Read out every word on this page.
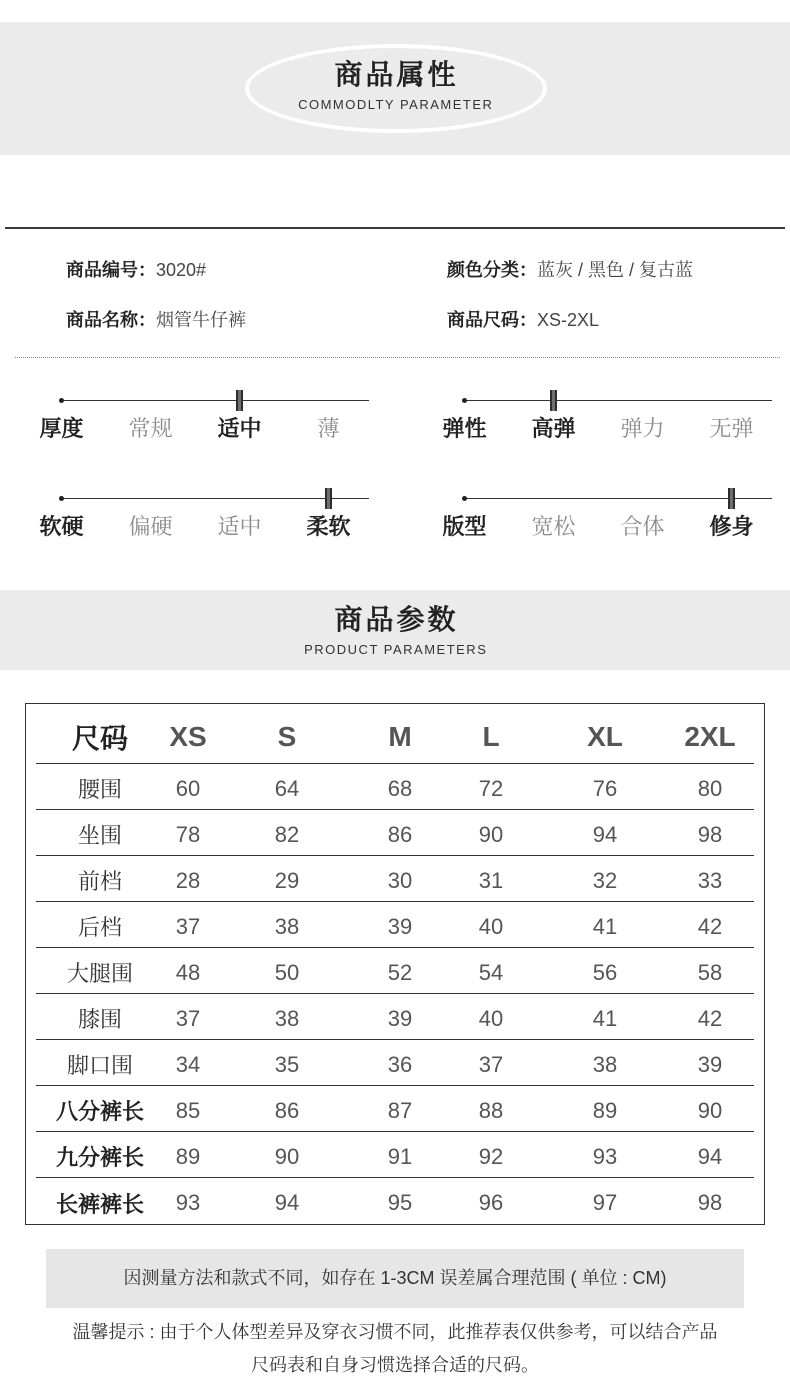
商品属性
COMMODLTY PARAMETER
商品编号：3020#	颜色分类：蓝灰 / 黑色 / 复古蓝
商品名称：烟管牛仔裤	商品尺码：XS-2XL
厚度	常规	适中	薄	弹性	高弹	弹力	无弹
软硬	偏硬	适中	柔软	版型	宽松	合体	修身
商品参数
PRODUCT PARAMETERS
尺码	XS	S	M	L	XL	2XL
腰围	60	64	68	72	76	80
坐围	78	82	86	90	94	98
前档	28	29	30	31	32	33
后档	37	38	39	40	41	42
大腿围	48	50	52	54	56	58
膝围	37	38	39	40	41	42
脚口围	34	35	36	37	38	39
八分裤长	85	86	87	88	89	90
九分裤长	89	90	91	92	93	94
长裤裤长	93	94	95	96	97	98
因测量方法和款式不同，如存在 1-3CM 误差属合理范围 ( 单位 : CM)
温馨提示 : 由于个人体型差异及穿衣习惯不同，此推荐表仅供参考，可以结合产品
尺码表和自身习惯选择合适的尺码。
